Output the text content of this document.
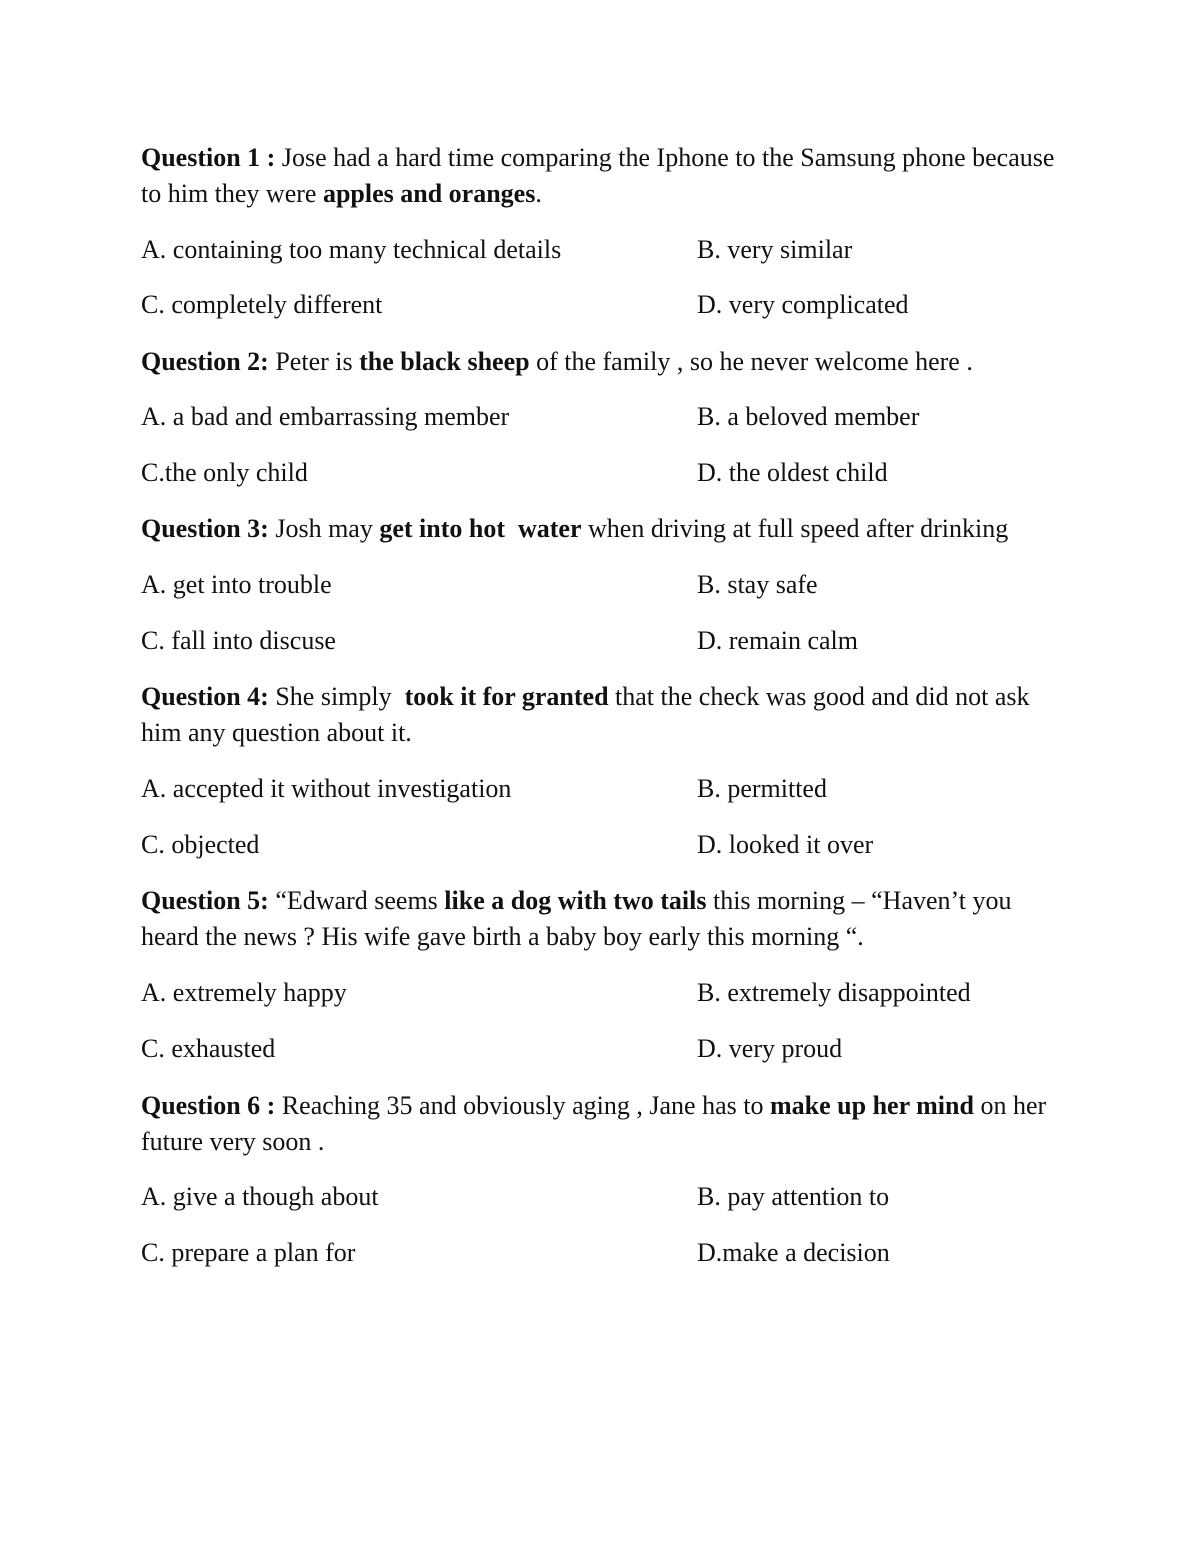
Question 1 : Jose had a hard time comparing the Iphone to the Samsung phone because to him they were apples and oranges.
A. containing too many technical details	B. very similar
C. completely different	D. very complicated
Question 2: Peter is the black sheep of the family , so he never welcome here .
A. a bad and embarrassing member	B. a beloved member
C.the only child	D. the oldest child
Question 3: Josh may get into hot  water when driving at full speed after drinking
A. get into trouble	B. stay safe
C. fall into discuse	D. remain calm
Question 4: She simply  took it for granted that the check was good and did not ask him any question about it.
A. accepted it without investigation	B. permitted
C. objected	D. looked it over
Question 5: “Edward seems like a dog with two tails this morning – “Haven’t you heard the news ? His wife gave birth a baby boy early this morning “.
A. extremely happy	B. extremely disappointed
C. exhausted	D. very proud
Question 6 : Reaching 35 and obviously aging , Jane has to make up her mind on her future very soon .
A. give a though about	B. pay attention to
C. prepare a plan for	D.make a decision
